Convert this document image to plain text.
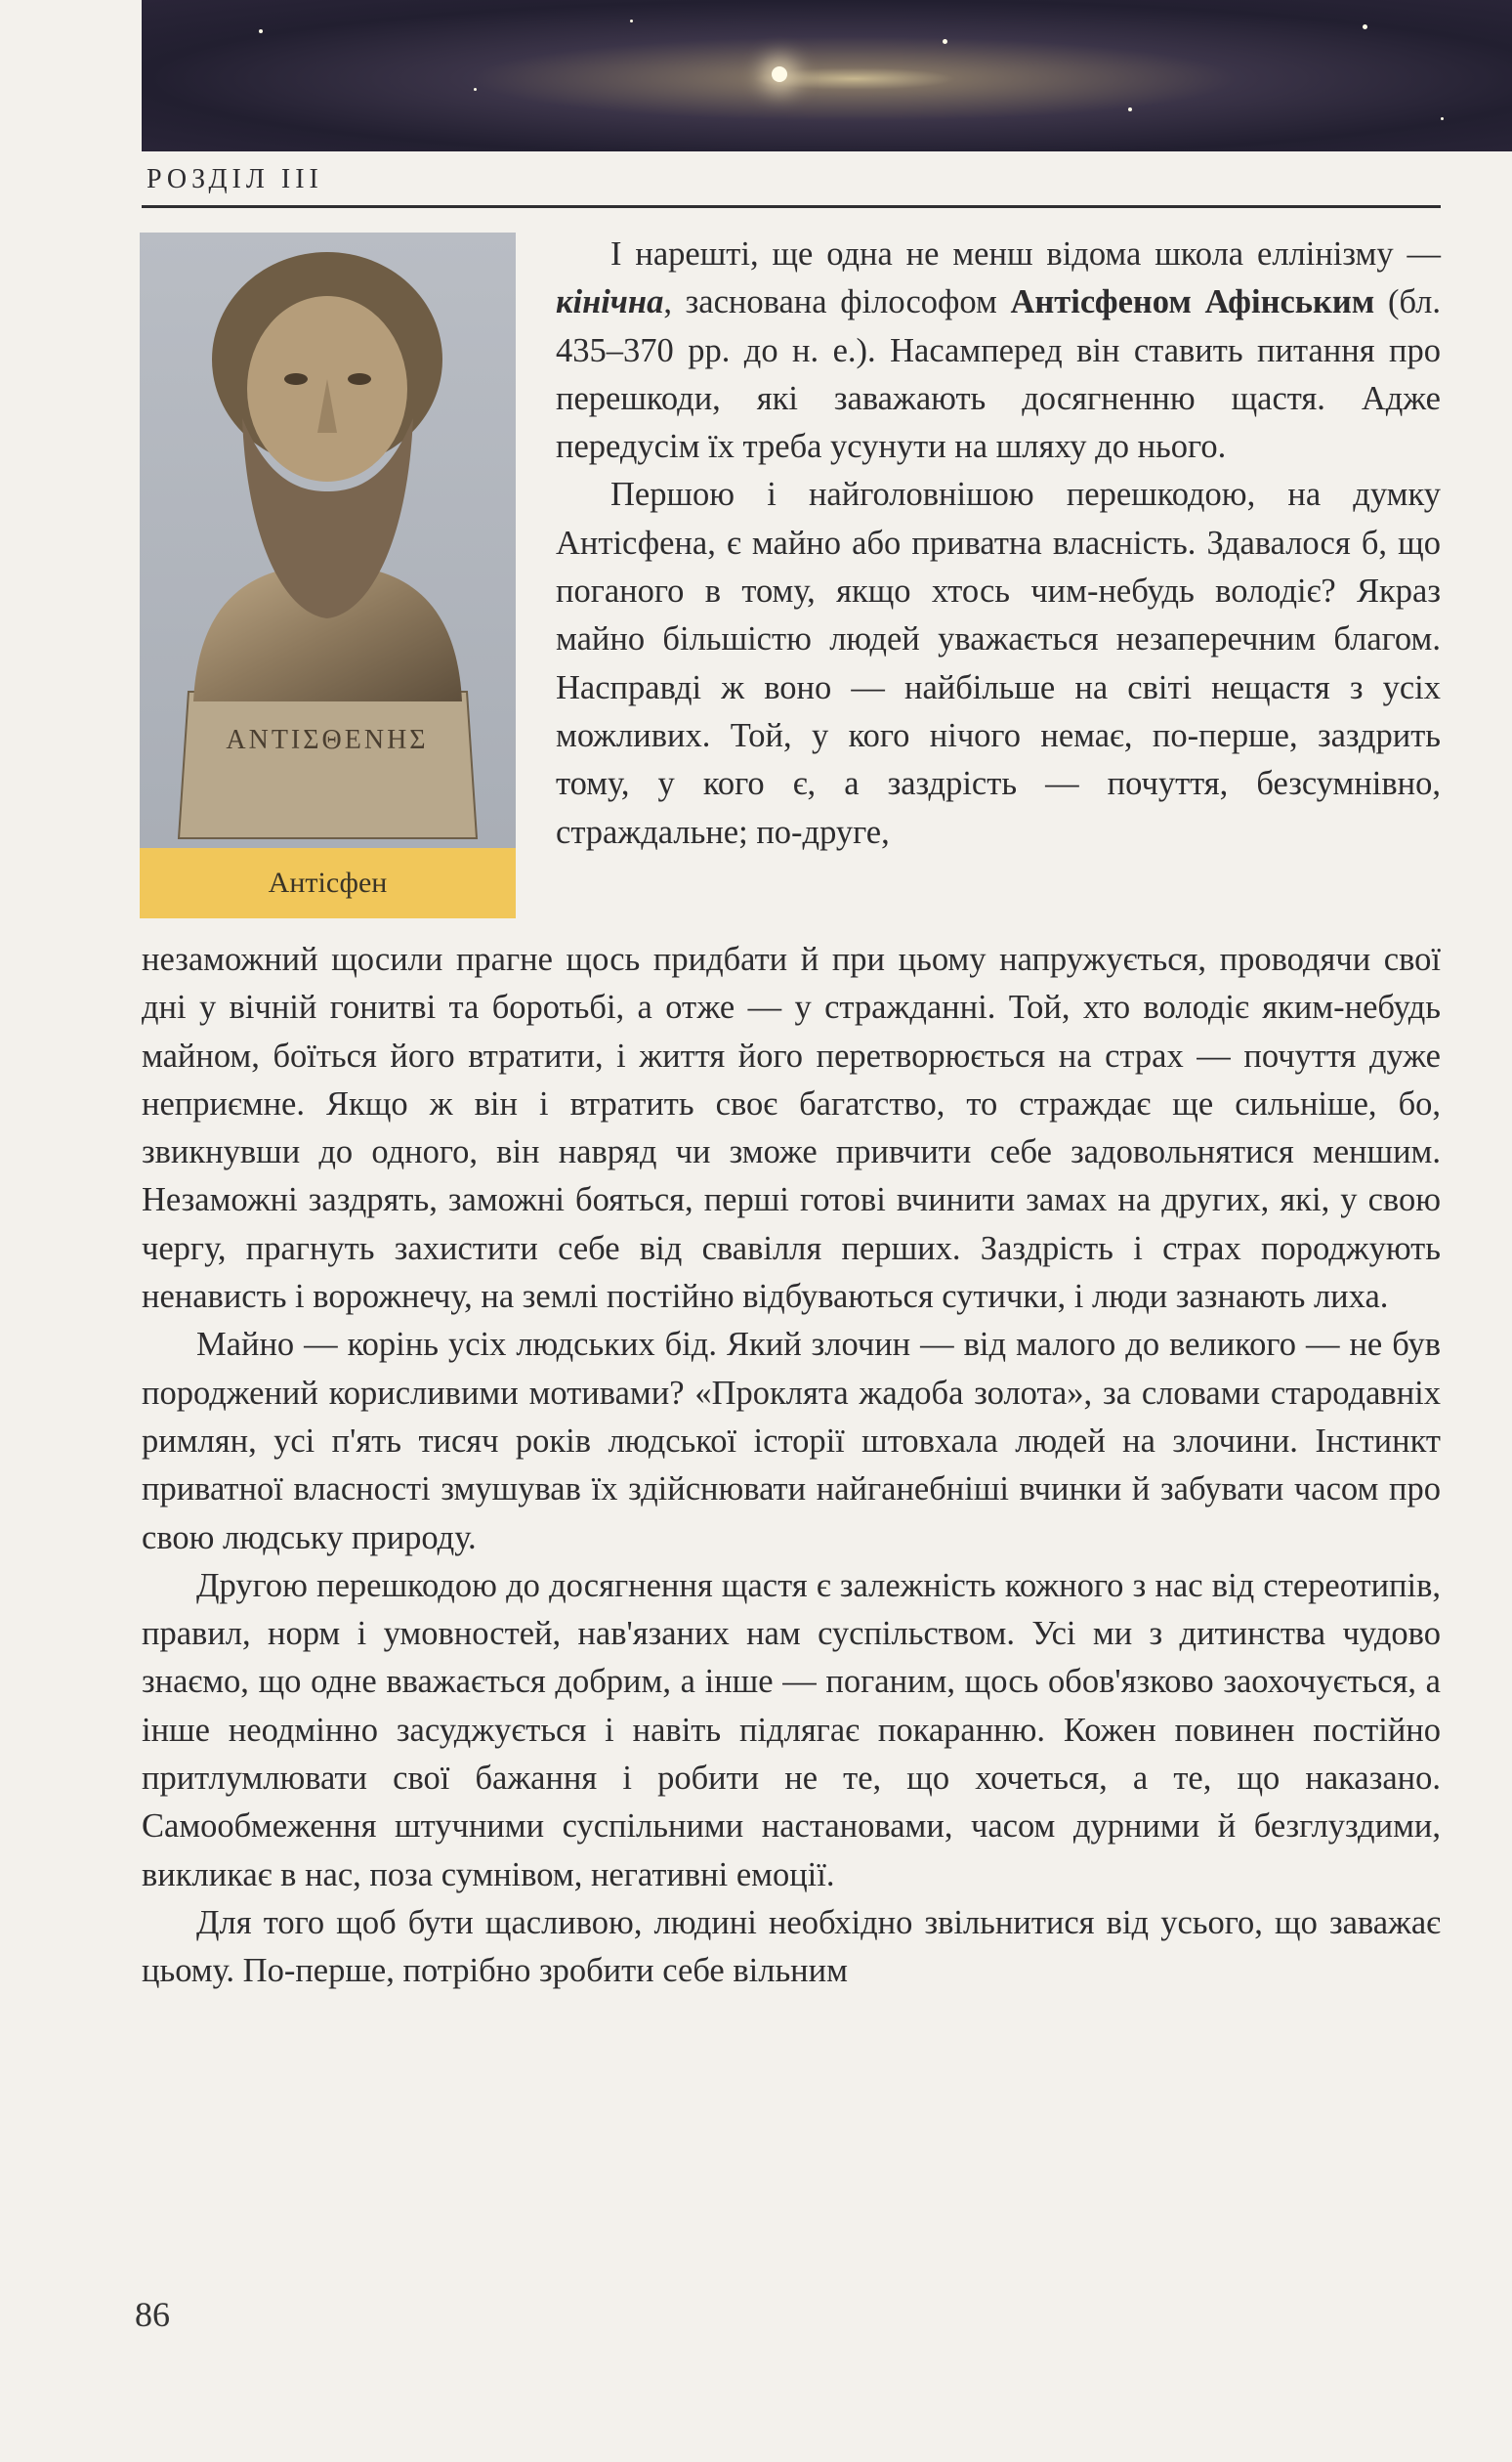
РОЗДІЛ III
ΑΝΤΙΣΘΕΝΗΣ
Антісфен

І нарешті, ще одна не менш відома школа еллінізму — кінічна, заснована філософом Антісфеном Афінським (бл. 435–370 рр. до н. е.). Насамперед він ставить питання про перешкоди, які заважають досягненню щастя. Адже передусім їх треба усунути на шляху до нього.

Першою і найголовнішою перешкодою, на думку Антісфена, є майно або приватна власність. Здавалося б, що поганого в тому, якщо хтось чим-небудь володіє? Якраз майно більшістю людей уважається незаперечним благом. Насправді ж воно — найбільше на світі нещастя з усіх можливих. Той, у кого нічого немає, по-перше, заздрить тому, у кого є, а заздрість — почуття, безсумнівно, страждальне; по-друге,

незаможний щосили прагне щось придбати й при цьому напружується, проводячи свої дні у вічній гонитві та боротьбі, а отже — у стражданні. Той, хто володіє яким-небудь майном, боїться його втратити, і життя його перетворюється на страх — почуття дуже неприємне. Якщо ж він і втратить своє багатство, то страждає ще сильніше, бо, звикнувши до одного, він навряд чи зможе привчити себе задовольнятися меншим. Незаможні заздрять, заможні бояться, перші готові вчинити замах на других, які, у свою чергу, прагнуть захистити себе від свавілля перших. Заздрість і страх породжують ненависть і ворожнечу, на землі постійно відбуваються сутички, і люди зазнають лиха.

Майно — корінь усіх людських бід. Який злочин — від малого до великого — не був породжений корисливими мотивами? «Проклята жадоба золота», за словами стародавніх римлян, усі п'ять тисяч років людської історії штовхала людей на злочини. Інстинкт приватної власності змушував їх здійснювати найганебніші вчинки й забувати часом про свою людську природу.

Другою перешкодою до досягнення щастя є залежність кожного з нас від стереотипів, правил, норм і умовностей, нав'язаних нам суспільством. Усі ми з дитинства чудово знаємо, що одне вважається добрим, а інше — поганим, щось обов'язково заохочується, а інше неодмінно засуджується і навіть підлягає покаранню. Кожен повинен постійно притлумлювати свої бажання і робити не те, що хочеться, а те, що наказано. Самообмеження штучними суспільними настановами, часом дурними й безглуздими, викликає в нас, поза сумнівом, негативні емоції.

Для того щоб бути щасливою, людині необхідно звільнитися від усього, що заважає цьому. По-перше, потрібно зробити себе вільним

86
